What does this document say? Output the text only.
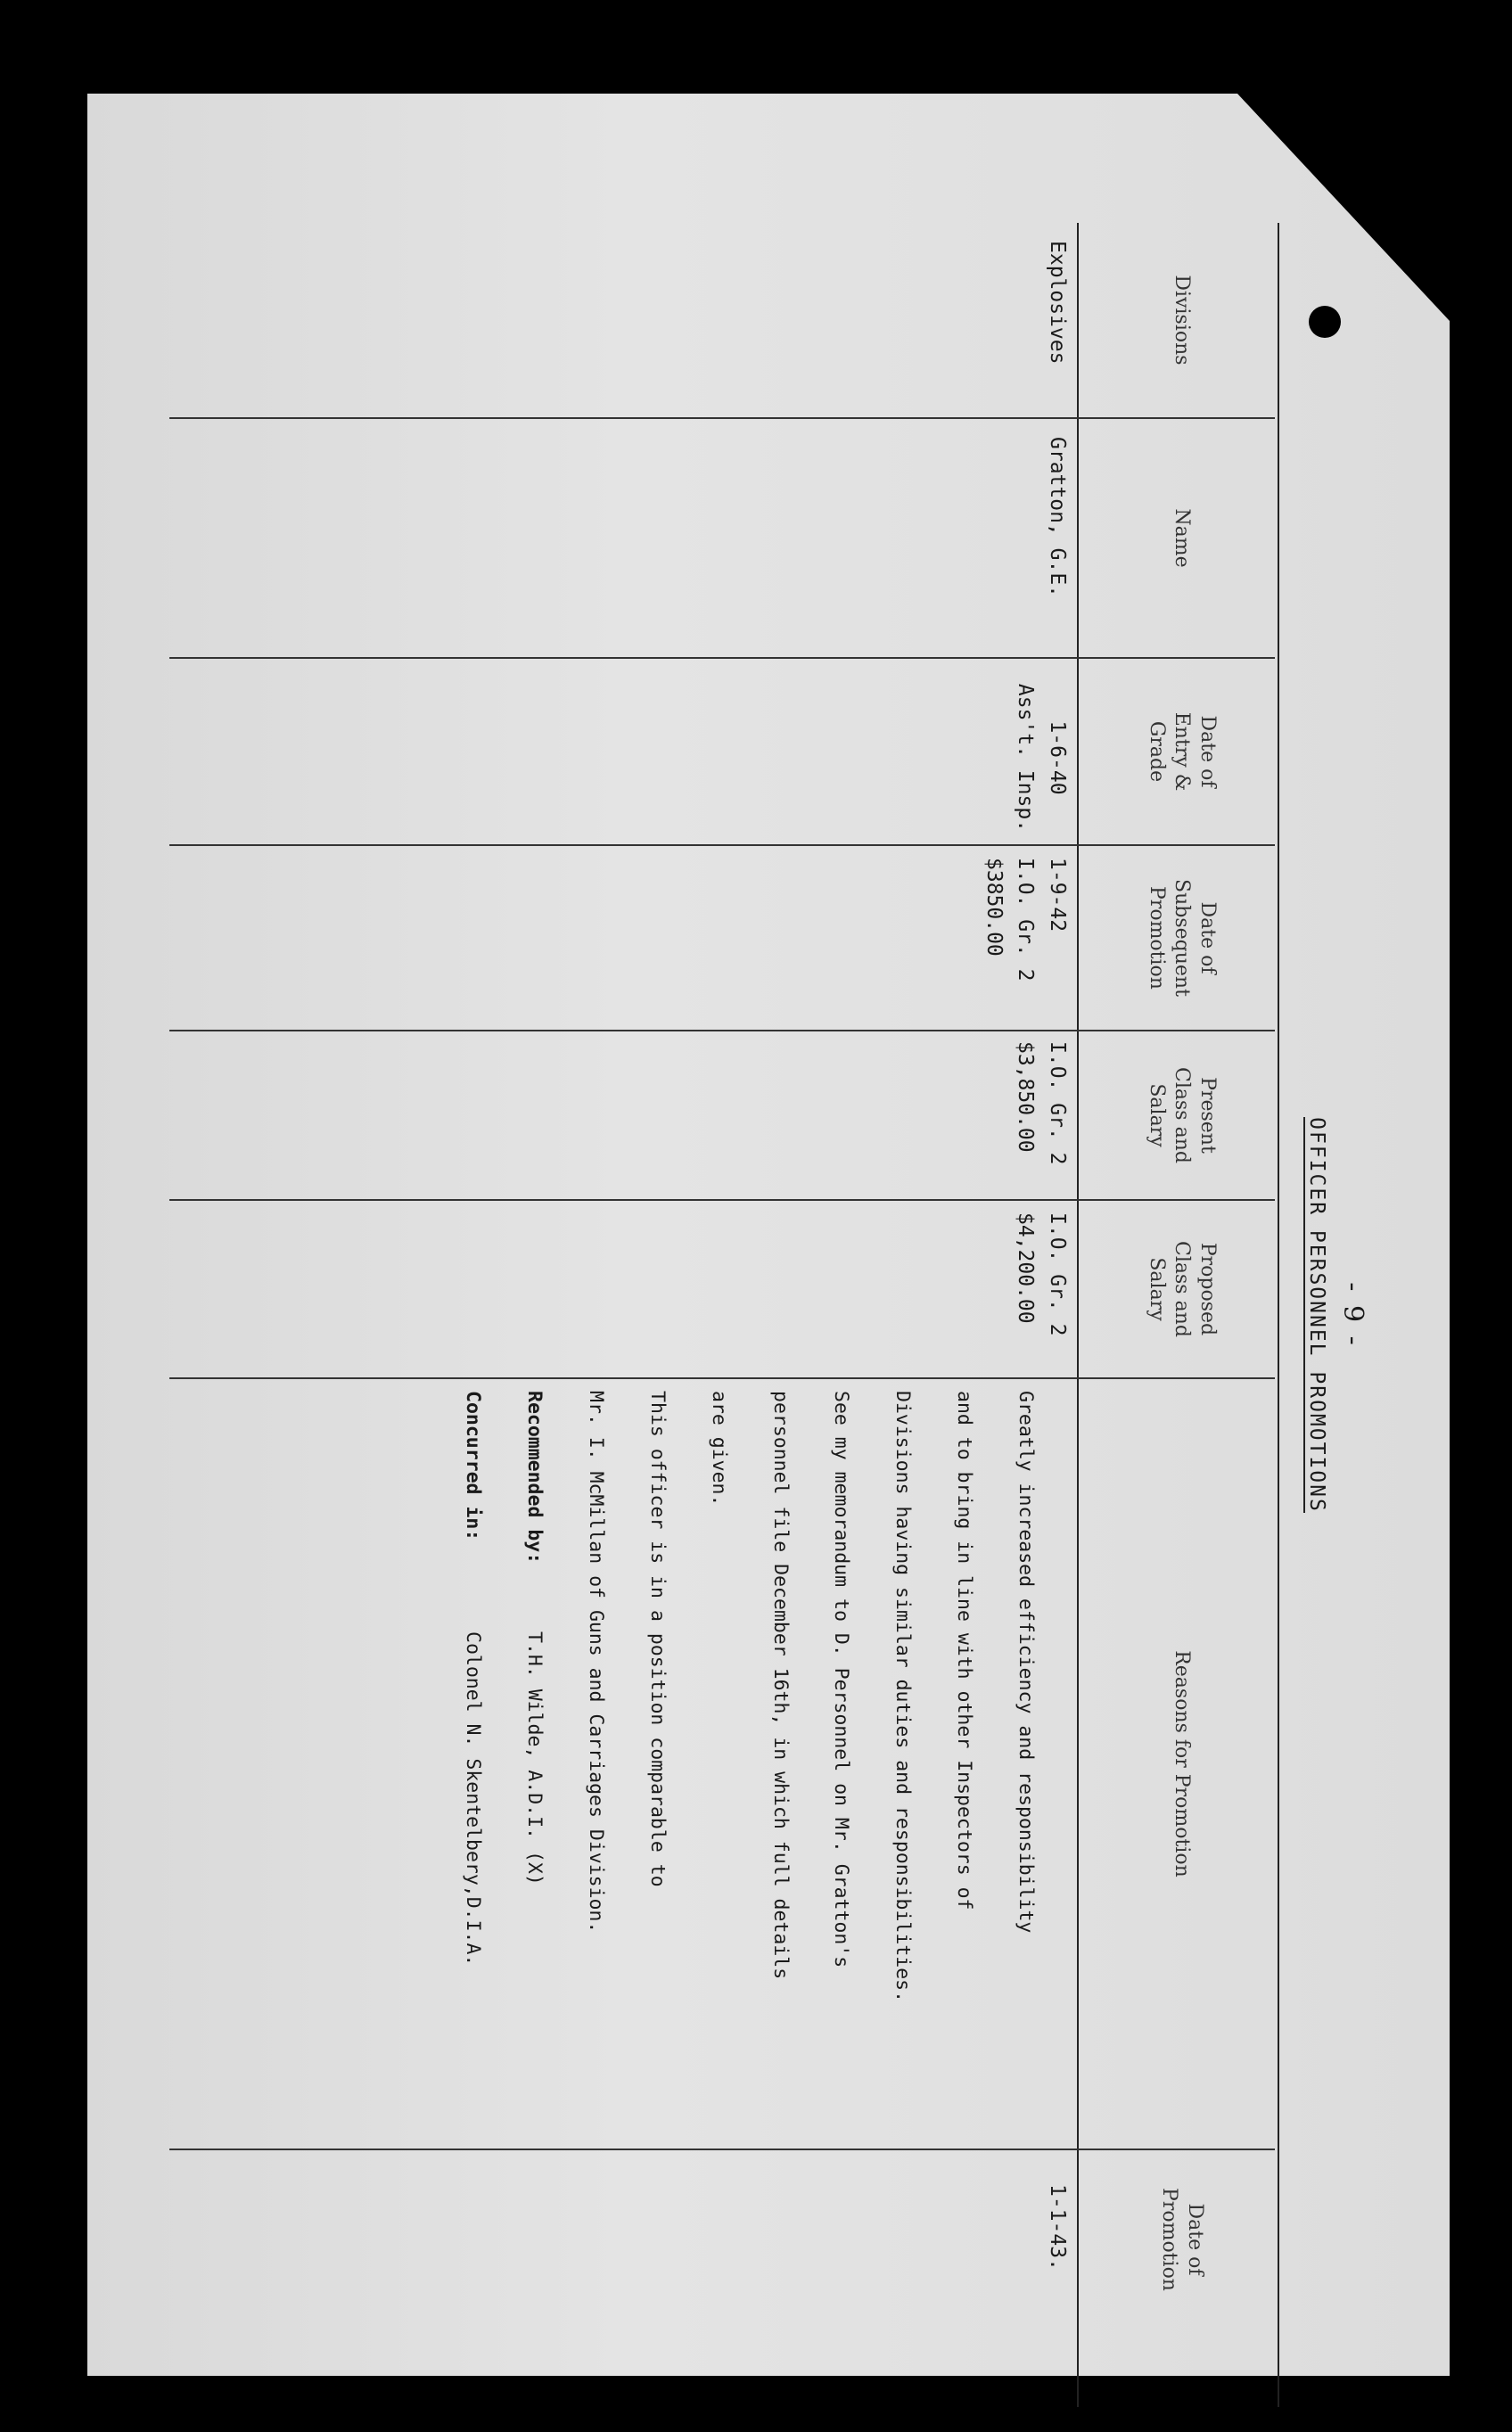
- 9 -
OFFICER PERSONNEL PROMOTIONS
Divisions
Name
Date of
Entry &
Grade
Date of
Subsequent
Promotion
Present
Class and
Salary
Proposed
Class and
Salary
Reasons for Promotion
Date of
Promotion
Explosives
Gratton, G.E.
1-6-40
Ass't. Insp.
1-9-42
I.O. Gr. 2
$3850.00
I.O. Gr. 2
$3,850.00
I.O. Gr. 2
$4,200.00

Greatly increased efficiency and responsibility

and to bring in line with other Inspectors of

Divisions having similar duties and responsibilities.

See my memorandum to D. Personnel on Mr. Gratton's

personnel file December 16th, in which full details

are given.

This officer is in a position comparable to

Mr. I. McMillan of Guns and Carriages Division.

Recommended by:
T.H. Wilde, A.D.I. (X)

Concurred in:
Colonel N. Skentelbery,D.I.A.

1-1-43.
